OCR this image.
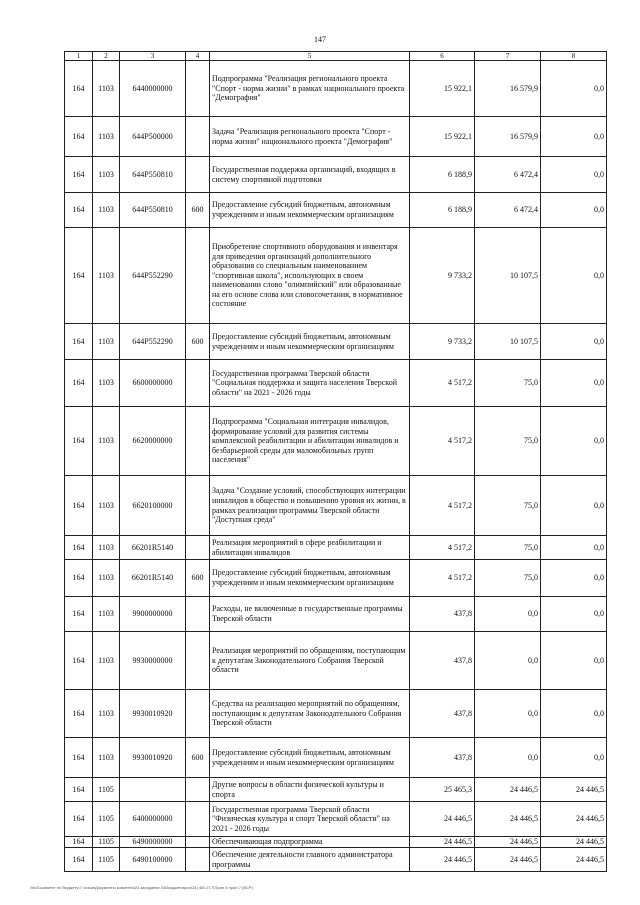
147
1	2	3	4	5	6	7	8
164	1103	6440000000		Подпрограмма "Реализация регионального проекта "Спорт - норма жизни" в рамках национального проекта "Демография"	15 922,1	16 579,9	0,0
164	1103	644P500000		Задача "Реализация регионального проекта "Спорт - норма жизни" национального проекта "Демография"	15 922,1	16 579,9	0,0
164	1103	644P550810		Государственная поддержка организаций, входящих в систему спортивной подготовки	6 188,9	6 472,4	0,0
164	1103	644P550810	600	Предоставление субсидий бюджетным, автономным учреждениям и иным некоммерческим организациям	6 188,9	6 472,4	0,0
164	1103	644P552290		Приобретение спортивного оборудования и инвентаря для приведения организаций дополнительного образования со специальным наименованием "спортивная школа", использующих в своем наименовании слово "олимпийский" или образованные на его основе слова или словосочетания, в нормативное состояние	9 733,2	10 107,5	0,0
164	1103	644P552290	600	Предоставление субсидий бюджетным, автономным учреждениям и иным некоммерческим организациям	9 733,2	10 107,5	0,0
164	1103	6600000000		Государственная программа Тверской области "Социальная поддержка и защита населения Тверской области" на 2021 - 2026 годы	4 517,2	75,0	0,0
164	1103	6620000000		Подпрограмма "Социальная интеграция инвалидов, формирование условий для развития системы комплексной реабилитации и абилитации инвалидов и безбарьерной среды для маломобильных групп населения"	4 517,2	75,0	0,0
164	1103	6620100000		Задача "Создание условий, способствующих интеграции инвалидов в общество и повышению уровня их жизни, в рамках реализации программы Тверской области "Доступная среда"	4 517,2	75,0	0,0
164	1103	66201R5140		Реализация мероприятий в сфере реабилитации и абилитации инвалидов	4 517,2	75,0	0,0
164	1103	66201R5140	600	Предоставление субсидий бюджетным, автономным учреждениям и иным некоммерческим организациям	4 517,2	75,0	0,0
164	1103	9900000000		Расходы, не включенные в государственные программы Тверской области	437,8	0,0	0,0
164	1103	9930000000		Реализация мероприятий по обращениям, поступающим к депутатам Законодательного Собрания Тверской области	437,8	0,0	0,0
164	1103	9930010920		Средства на реализацию мероприятий по обращениям, поступающим к депутатам Законодательного Собрания Тверской области	437,8	0,0	0,0
164	1103	9930010920	600	Предоставление субсидий бюджетным, автономным учреждениям и иным некоммерческим организациям	437,8	0,0	0,0
164	1105			Другие вопросы в области физической культуры и спорта	25 465,3	24 446,5	24 446,5
164	1105	6400000000		Государственная программа Тверской области "Физическая культура и спорт Тверской области" на 2021 - 2026 годы	24 446,5	24 446,5	24 446,5
164	1105	6490000000		Обеспечивающая подпрограмма	24 446,5	24 446,5	24 446,5
164	1105	6490100000		Обеспечение деятельности главного администратора программы	24 446,5	24 446,5	24 446,5
\\fs01\комитет по бюджету\7 созыв\Документы комитета\24 заседание 04\Бюджет\прил\24) 460-П-7\Прил 6 прил 7 (ВСР)
